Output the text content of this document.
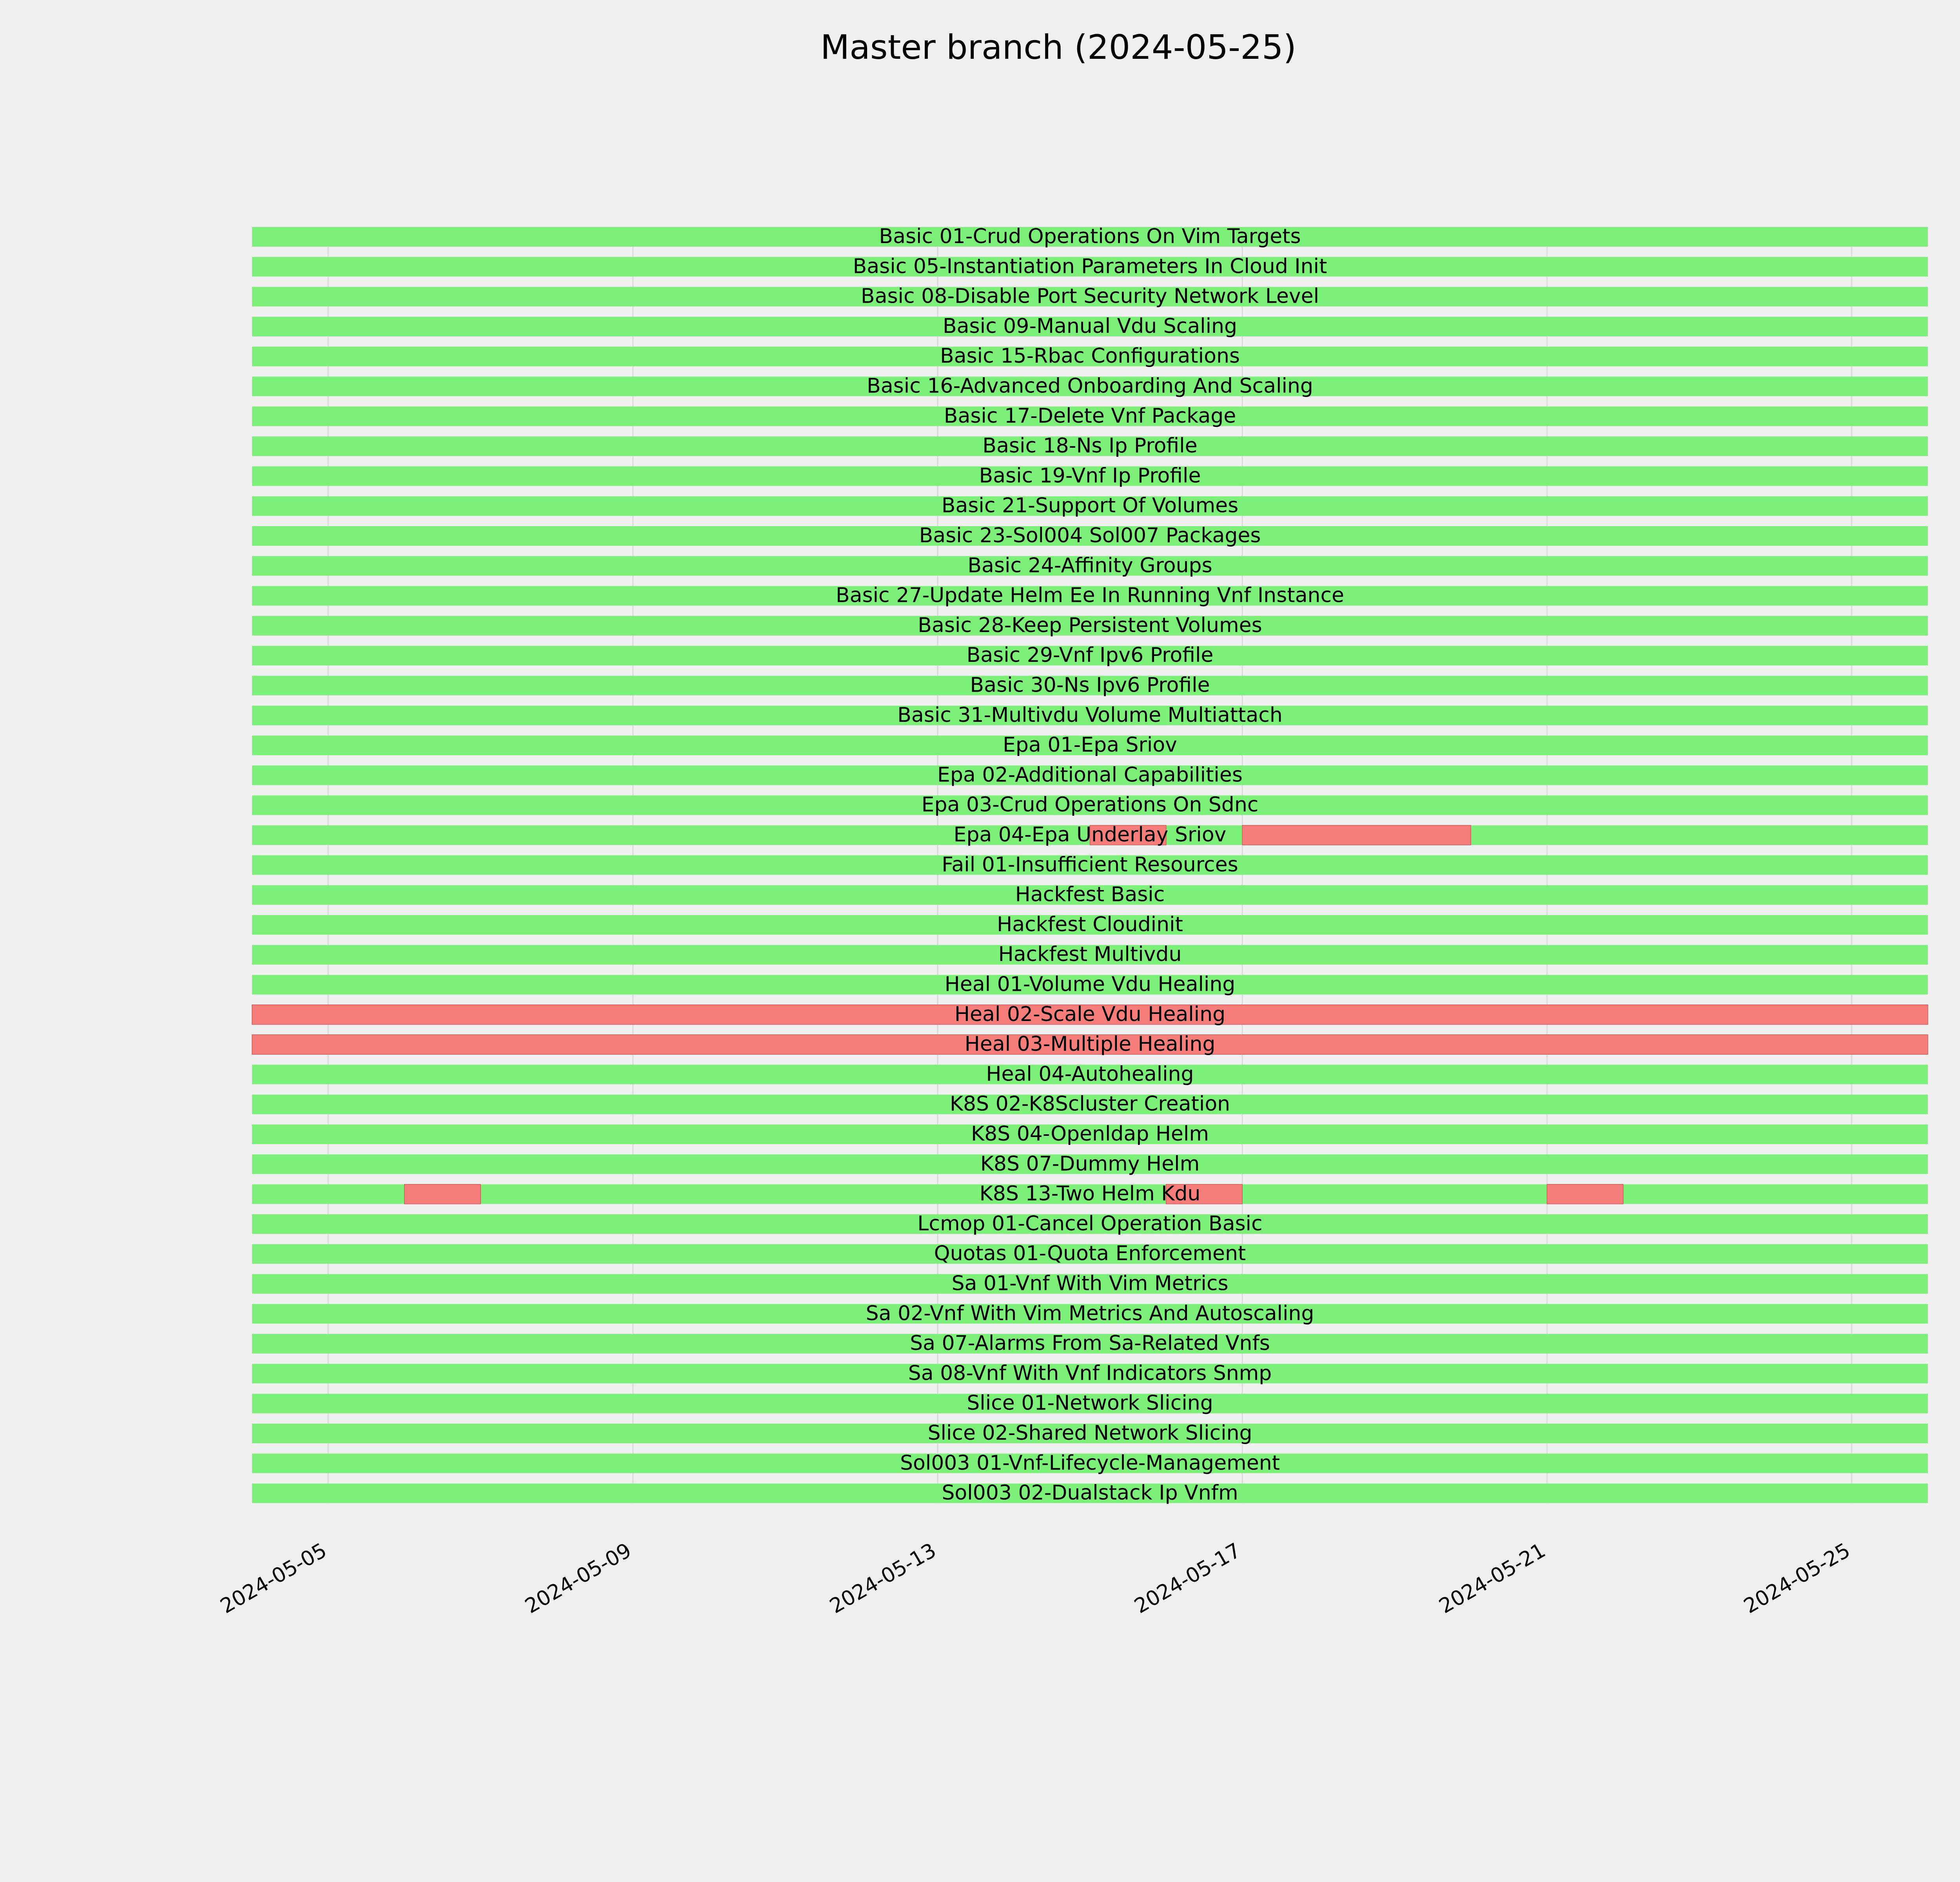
Master branch (2024-05-25)
Basic 01-Crud Operations On Vim Targets
Basic 05-Instantiation Parameters In Cloud Init
Basic 08-Disable Port Security Network Level
Basic 09-Manual Vdu Scaling
Basic 15-Rbac Configurations
Basic 16-Advanced Onboarding And Scaling
Basic 17-Delete Vnf Package
Basic 18-Ns Ip Profile
Basic 19-Vnf Ip Profile
Basic 21-Support Of Volumes
Basic 23-Sol004 Sol007 Packages
Basic 24-Affinity Groups
Basic 27-Update Helm Ee In Running Vnf Instance
Basic 28-Keep Persistent Volumes
Basic 29-Vnf Ipv6 Profile
Basic 30-Ns Ipv6 Profile
Basic 31-Multivdu Volume Multiattach
Epa 01-Epa Sriov
Epa 02-Additional Capabilities
Epa 03-Crud Operations On Sdnc
Epa 04-Epa Underlay Sriov
Fail 01-Insufficient Resources
Hackfest Basic
Hackfest Cloudinit
Hackfest Multivdu
Heal 01-Volume Vdu Healing
Heal 02-Scale Vdu Healing
Heal 03-Multiple Healing
Heal 04-Autohealing
K8S 02-K8Scluster Creation
K8S 04-Openldap Helm
K8S 07-Dummy Helm
K8S 13-Two Helm Kdu
Lcmop 01-Cancel Operation Basic
Quotas 01-Quota Enforcement
Sa 01-Vnf With Vim Metrics
Sa 02-Vnf With Vim Metrics And Autoscaling
Sa 07-Alarms From Sa-Related Vnfs
Sa 08-Vnf With Vnf Indicators Snmp
Slice 01-Network Slicing
Slice 02-Shared Network Slicing
Sol003 01-Vnf-Lifecycle-Management
Sol003 02-Dualstack Ip Vnfm
2024-05-05	2024-05-09	2024-05-13	2024-05-17	2024-05-21	2024-05-25
